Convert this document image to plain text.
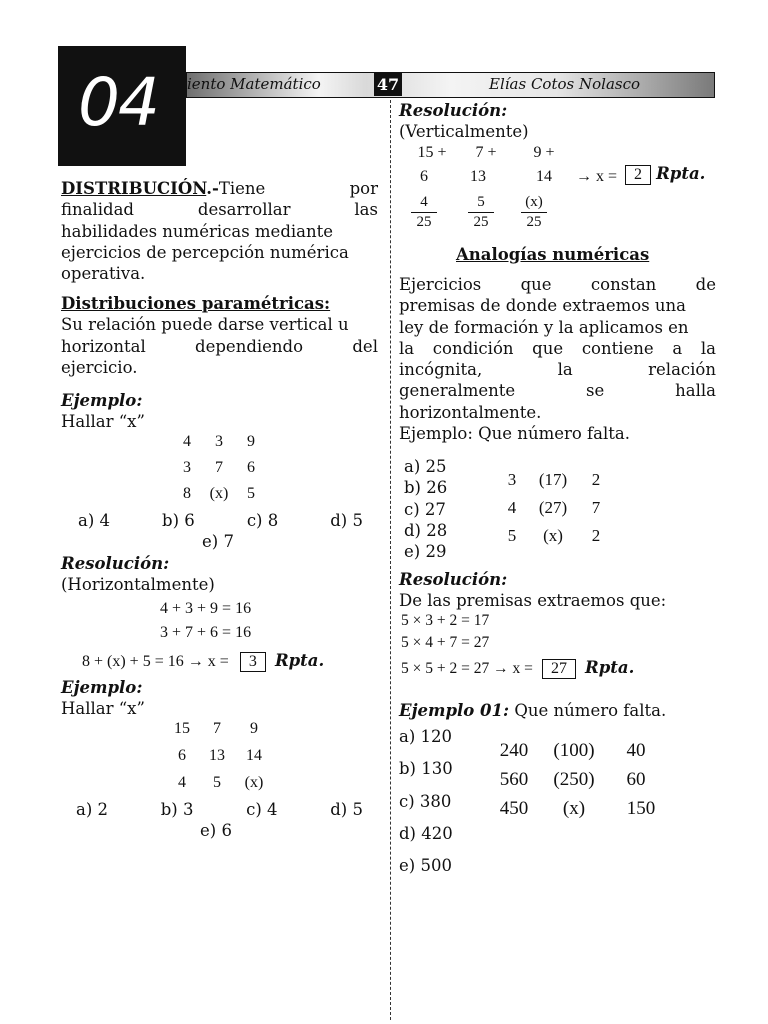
04 iento Matemático	47	Elías Cotos Nolasco
DISTRIBUCIÓN.-Tiene	por
finalidad	desarrollar	las
habilidades numéricas mediante
ejercicios de percepción numérica
operativa.
Distribuciones paramétricas:
Su relación puede darse vertical u
horizontal	dependiendo	del
ejercicio.
Ejemplo:
Hallar “x”
4	3	9
3	7	6
8	(x)	5
a) 4	b) 6	c) 8	d) 5
e) 7
Resolución:
(Horizontalmente)
4 + 3 + 9 = 16
3 + 7 + 6 = 16
8 + (x) + 5 = 16 → x = 3 Rpta.
Ejemplo:
Hallar “x”
15	7	9
6	13	14
4	5	(x)
a) 2	b) 3	c) 4	d) 5
e) 6
Resolución:
(Verticalmente)
15 +	7 +	9 +
6	13	14	→ x =	2 Rpta.
$\frac{4}{25} \frac{5}{25} \frac{(x)}{25}$
Analogías numéricas
Ejercicios que constan de
premisas de donde extraemos una
ley de formación y la aplicamos en
la condición que contiene a la
incógnita,	la	relación
generalmente	se	halla
horizontalmente.
Ejemplo: Que número falta.
a) 25
b) 26
c) 27
d) 28
e) 29
3	(17)	2
4	(27)	7
5	(x)	2
Resolución:
De las premisas extraemos que:
5 × 3 + 2 = 17
5 × 4 + 7 = 27
5 × 5 + 2 = 27 → x = 27 Rpta.
Ejemplo 01: Que número falta.
a) 120
b) 130
c) 380
d) 420
e) 500
240	(100)	40
560	(250)	60
450	(x)	150
